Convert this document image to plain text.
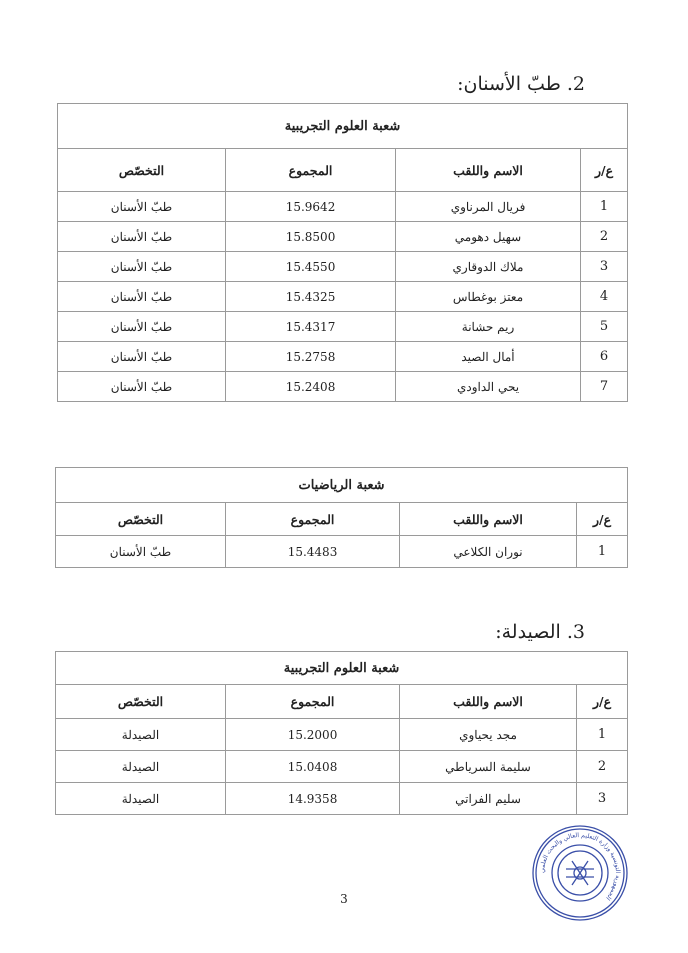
2. طبّ الأسنان:
شعبة العلوم التجريبية			
ع/ر	الاسم واللقب	المجموع	التخصّص
1	فريال المرناوي	15.9642	طبّ الأسنان
2	سهيل دهومي	15.8500	طبّ الأسنان
3	ملاك الدوقاري	15.4550	طبّ الأسنان
4	معتز بوغطاس	15.4325	طبّ الأسنان
5	ريم حشانة	15.4317	طبّ الأسنان
6	أمال الصيد	15.2758	طبّ الأسنان
7	يحي الداودي	15.2408	طبّ الأسنان
شعبة الرياضيات			
ع/ر	الاسم واللقب	المجموع	التخصّص
1	نوران الكلاعي	15.4483	طبّ الأسنان
3. الصيدلة:
شعبة العلوم التجريبية			
ع/ر	الاسم واللقب	المجموع	التخصّص
1	مجد يحياوي	15.2000	الصيدلة
2	سليمة السرياطي	15.0408	الصيدلة
3	سليم الفراتي	14.9358	الصيدلة
3
الجمهورية التونسية وزارة التعليم العالي والبحث العلمي
